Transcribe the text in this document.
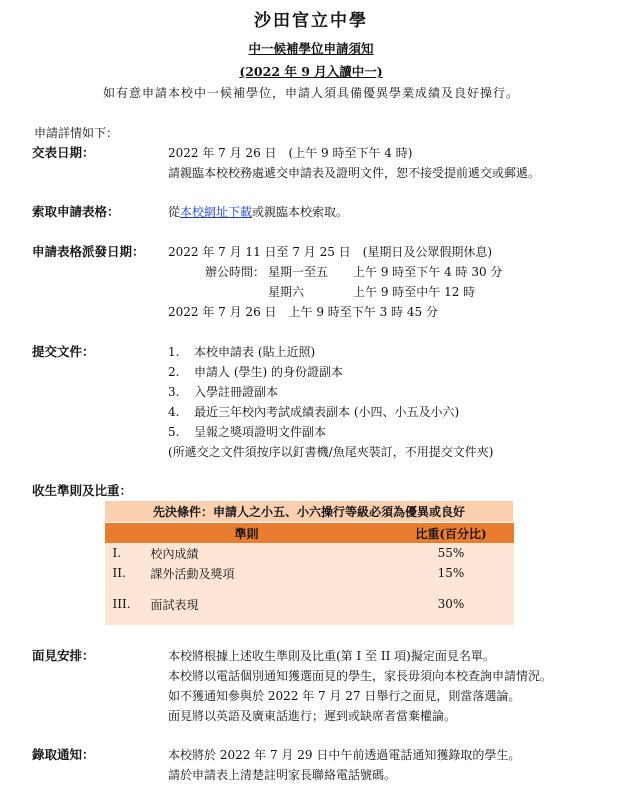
沙田官立中學
中一候補學位申請須知
(2022 年 9 月入讀中一)
如有意申請本校中一候補學位，申請人須具備優異學業成績及良好操行。
申請詳情如下：
交表日期：	2022 年 7 月 26 日　(上午 9 時至下午 4 時)
請親臨本校校務處遞交申請表及證明文件，恕不接受提前遞交或郵遞。
索取申請表格：	從本校網址下載或親臨本校索取。
申請表格派發日期： 2022 年 7 月 11 日至 7 月 25 日　(星期日及公眾假期休息)
辦公時間： 星期一至五 上午 9 時至下午 4 時 30 分
星期六	上午 9 時至中午 12 時
2022 年 7 月 26 日　上午 9 時至下午 3 時 45 分
提交文件：	1. 本校申請表 (貼上近照)
2. 申請人 (學生) 的身份證副本
3. 入學註冊證副本
4. 最近三年校內考試成績表副本 (小四、小五及小六)
5. 呈報之獎項證明文件副本
(所遞交之文件須按序以釘書機/魚尾夾裝訂，不用提交文件夾)
收生準則及比重：
先決條件：申請人之小五、小六操行等級必須為優異或良好		
準則		比重(百分比)
I.	校內成績	55%
II.	課外活動及獎項	15%
III.	面試表現	30%
面見安排：	本校將根據上述收生準則及比重(第 I 至 II 項)擬定面見名單。
本校將以電話個別通知獲選面見的學生，家長毋須向本校查詢申請情況。
如不獲通知參與於 2022 年 7 月 27 日舉行之面見，則當落選論。
面見將以英語及廣東話進行；遲到或缺席者當棄權論。
錄取通知：	本校將於 2022 年 7 月 29 日中午前透過電話通知獲錄取的學生。
請於申請表上清楚註明家長聯絡電話號碼。
